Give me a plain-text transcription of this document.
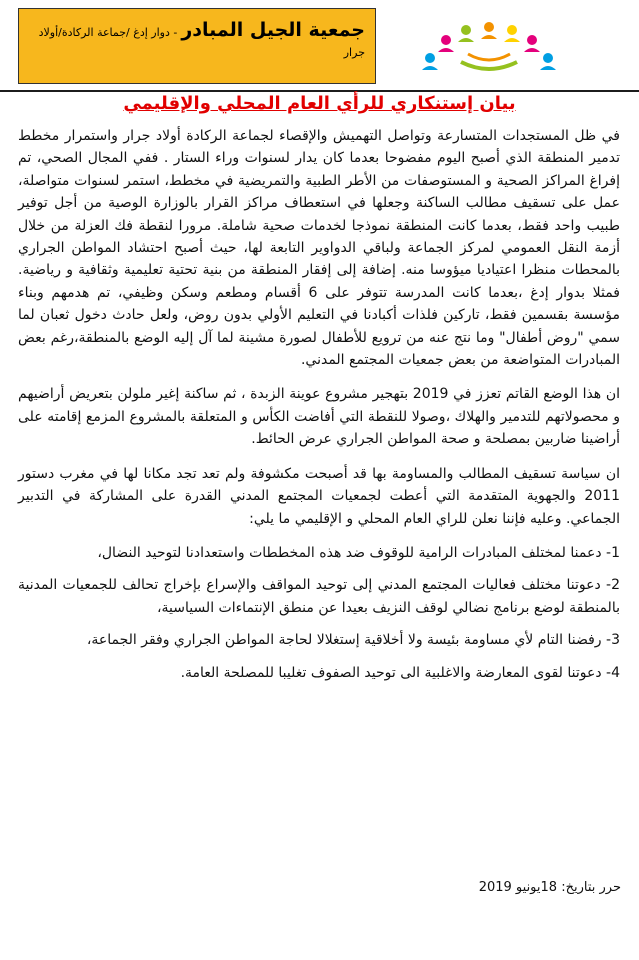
جمعية الجيل المبادر- دوار إدغ /جماعة الركادة/أولاد جرار
بيان إستنكاري للرأي العام المحلي والإقليمي

في ظل المستجدات المتسارعة وتواصل التهميش والإقصاء لجماعة الركادة أولاد جرار واستمرار مخطط تدمير المنطقة الذي أصبح اليوم مفضوحا بعدما كان يدار لسنوات وراء الستار . ففي المجال الصحي، تم إفراغ المراكز الصحية و المستوصفات من الأطر الطبية والتمريضية في مخطط، استمر لسنوات متواصلة، عمل على تسقيف مطالب الساكنة وجعلها في استعطاف مراكز القرار بالوزارة الوصية من أجل توفير طبيب واحد فقط، بعدما كانت المنطقة نموذجا لخدمات صحية شاملة. مرورا لنقطة فك العزلة من خلال أزمة النقل العمومي لمركز الجماعة ولباقي الدواوير التابعة لها، حيث أصبح احتشاد المواطن الجراري بالمحطات منظرا اعتياديا ميؤوسا منه. إضافة إلى إفقار المنطقة من بنية تحتية تعليمية وثقافية و رياضية. فمثلا بدوار إدغ ،بعدما كانت المدرسة تتوفر على 6 أقسام ومطعم وسكن وظيفي، تم هدمهم وبناء مؤسسة بقسمين فقط، تاركين فلذات أكبادنا في التعليم الأولي بدون روض، ولعل حادث دخول ثعبان لما سمي "روض أطفال" وما نتج عنه من ترويع للأطفال لصورة مشينة لما آل إليه الوضع بالمنطقة،رغم بعض المبادرات المتواضعة من بعض جمعيات المجتمع المدني.

ان هذا الوضع القاتم تعزز في 2019 بتهجير مشروع عوينة الزبدة ، ثم ساكنة إغير ملولن بتعريض أراضيهم و محصولاتهم للتدمير والهلاك ،وصولا للنقطة التي أفاضت الكأس و المتعلقة بالمشروع المزمع إقامته على أراضينا ضاربين بمصلحة و صحة المواطن الجراري عرض الحائط.

ان سياسة تسقيف المطالب والمساومة بها قد أصبحت مكشوفة ولم تعد تجد مكانا لها في مغرب دستور 2011 والجهوية المتقدمة التي أعطت لجمعيات المجتمع المدني القدرة على المشاركة في التدبير الجماعي. وعليه فإننا نعلن للراي العام المحلي و الإقليمي ما يلي:

1- دعمنا لمختلف المبادرات الرامية للوقوف ضد هذه المخططات واستعدادنا لتوحيد النضال،

2- دعوتنا مختلف فعاليات المجتمع المدني إلى توحيد المواقف والإسراع بإخراج تحالف للجمعيات المدنية بالمنطقة لوضع برنامج نضالي لوقف النزيف بعيدا عن منطق الإنتماءات السياسية،

3- رفضنا التام لأي مساومة بئيسة ولا أخلاقية إستغلالا لحاجة المواطن الجراري وفقر الجماعة،

4- دعوتنا لقوى المعارضة والاغلبية الى توحيد الصفوف تغليبا للمصلحة العامة.

حرر بتاريخ: 18يونيو 2019
